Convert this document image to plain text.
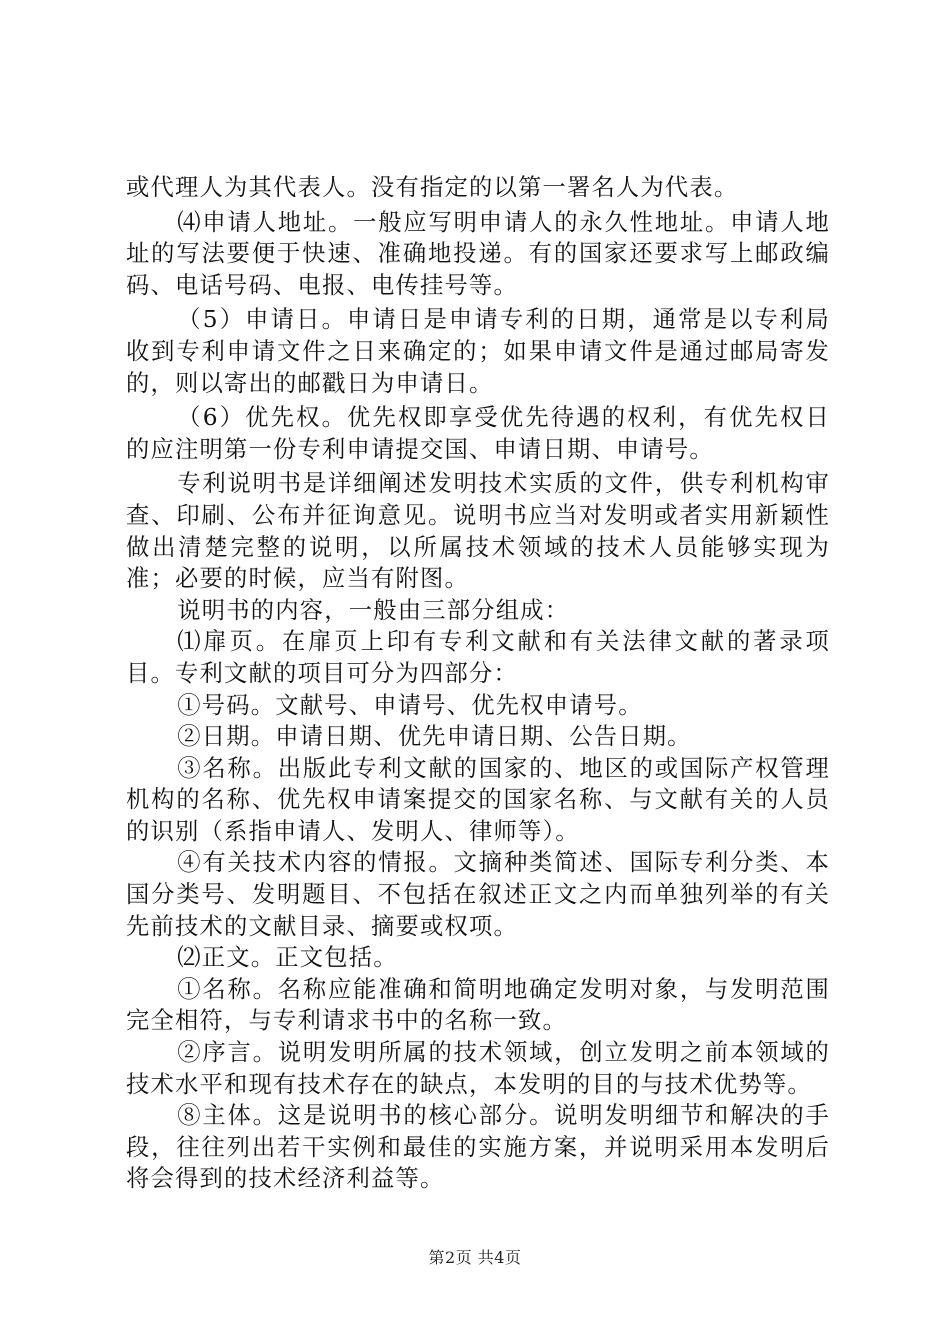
或代理人为其代表人。没有指定的以第一署名人为代表。

⑷申请人地址。一般应写明申请人的永久性地址。申请人地址的写法要便于快速、准确地投递。有的国家还要求写上邮政编码、电话号码、电报、电传挂号等。

（5）申请日。申请日是申请专利的日期，通常是以专利局收到专利申请文件之日来确定的；如果申请文件是通过邮局寄发的，则以寄出的邮戳日为申请日。

（6）优先权。优先权即享受优先待遇的权利，有优先权日的应注明第一份专利申请提交国、申请日期、申请号。

专利说明书是详细阐述发明技术实质的文件，供专利机构审查、印刷、公布并征询意见。说明书应当对发明或者实用新颖性做出清楚完整的说明，以所属技术领域的技术人员能够实现为准；必要的时候，应当有附图。

说明书的内容，一般由三部分组成：

⑴扉页。在扉页上印有专利文献和有关法律文献的著录项目。专利文献的项目可分为四部分：

①号码。文献号、申请号、优先权申请号。

②日期。申请日期、优先申请日期、公告日期。

③名称。出版此专利文献的国家的、地区的或国际产权管理机构的名称、优先权申请案提交的国家名称、与文献有关的人员的识别（系指申请人、发明人、律师等）。

④有关技术内容的情报。文摘种类简述、国际专利分类、本国分类号、发明题目、不包括在叙述正文之内而单独列举的有关先前技术的文献目录、摘要或权项。

⑵正文。正文包括。

①名称。名称应能准确和简明地确定发明对象，与发明范围完全相符，与专利请求书中的名称一致。

②序言。说明发明所属的技术领域，创立发明之前本领域的技术水平和现有技术存在的缺点，本发明的目的与技术优势等。

⑧主体。这是说明书的核心部分。说明发明细节和解决的手段，往往列出若干实例和最佳的实施方案，并说明采用本发明后将会得到的技术经济利益等。

第2页 共4页
